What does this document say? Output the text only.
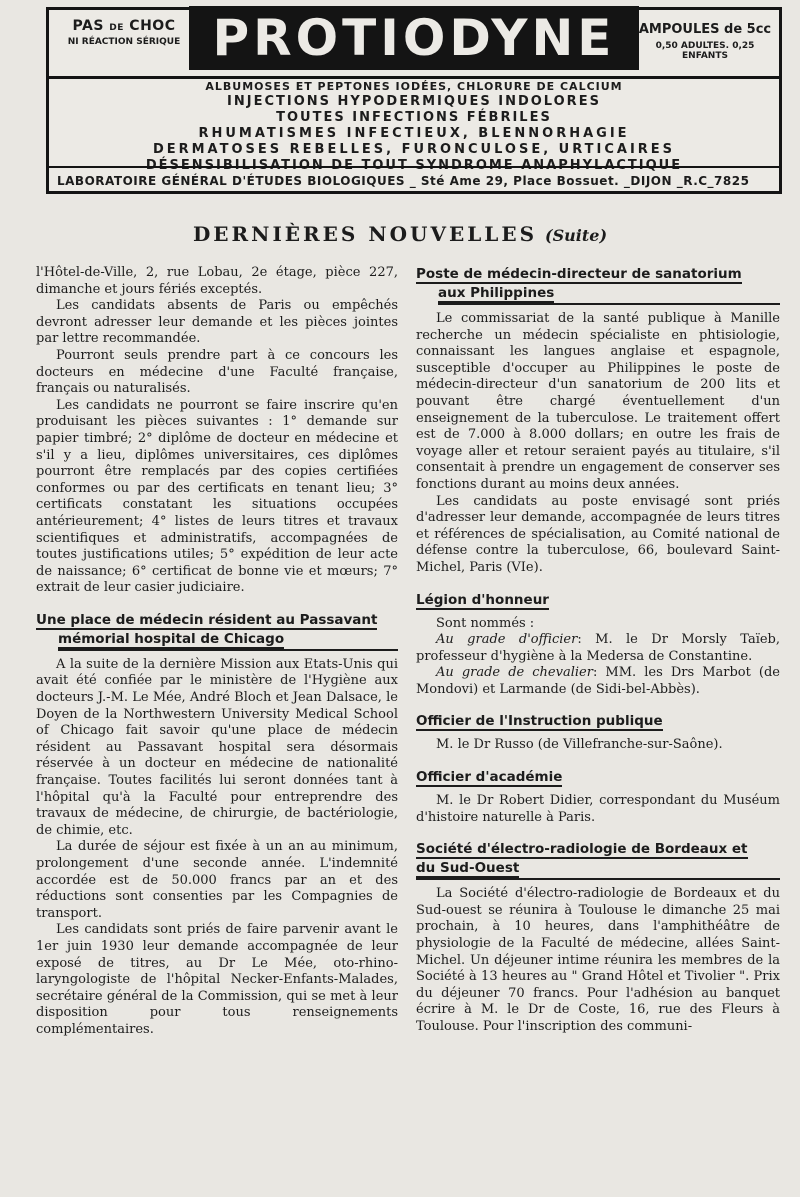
PAS DE CHOC
NI RÉACTION SÉRIQUE PROTIODYNE	AMPOULES de 5cc
0,50 ADULTES. 0,25 ENFANTS
ALBUMOSES ET PEPTONES IODÉES, CHLORURE DE CALCIUM
INJECTIONS HYPODERMIQUES INDOLORES
TOUTES INFECTIONS FÉBRILES
RHUMATISMES INFECTIEUX, BLENNORHAGIE
DERMATOSES REBELLES, FURONCULOSE, URTICAIRES
DÉSENSIBILISATION DE TOUT SYNDROME ANAPHYLACTIQUE
LABORATOIRE GÉNÉRAL D'ÉTUDES BIOLOGIQUES _ Sté Ame 29, Place Bossuet. _DIJON _R.C_7825
DERNIÈRES NOUVELLES (Suite)

l'Hôtel-de-Ville, 2, rue Lobau, 2e étage, pièce 227, dimanche et jours fériés exceptés.

Les candidats absents de Paris ou empêchés devront adresser leur demande et les pièces jointes par lettre recommandée.

Pourront seuls prendre part à ce concours les docteurs en médecine d'une Faculté française, français ou naturalisés.

Les candidats ne pourront se faire inscrire qu'en produisant les pièces suivantes : 1° demande sur papier timbré; 2° diplôme de docteur en médecine et s'il y a lieu, diplômes universitaires, ces diplômes pourront être remplacés par des copies certifiées conformes ou par des certificats en tenant lieu; 3° certificats constatant les situations occupées antérieurement; 4° listes de leurs titres et travaux scientifiques et administratifs, accompagnées de toutes justifications utiles; 5° expédition de leur acte de naissance; 6° certificat de bonne vie et mœurs; 7° extrait de leur casier judiciaire.

Une place de médecin résident au Passavant
mémorial hospital de Chicago

A la suite de la dernière Mission aux Etats-Unis qui avait été confiée par le ministère de l'Hygiène aux docteurs J.-M. Le Mée, André Bloch et Jean Dalsace, le Doyen de la Northwestern University Medical School of Chicago fait savoir qu'une place de médecin résident au Passavant hospital sera désormais réservée à un docteur en médecine de nationalité française. Toutes facilités lui seront données tant à l'hôpital qu'à la Faculté pour entreprendre des travaux de médecine, de chirurgie, de bactériologie, de chimie, etc.

La durée de séjour est fixée à un an au minimum, prolongement d'une seconde année. L'indemnité accordée est de 50.000 francs par an et des réductions sont consenties par les Compagnies de transport.

Les candidats sont priés de faire parvenir avant le 1er juin 1930 leur demande accompagnée de leur exposé de titres, au Dr Le Mée, oto-rhino-laryngologiste de l'hôpital Necker-Enfants-Malades, secrétaire général de la Commission, qui se met à leur disposition pour tous renseignements complémentaires.

Poste de médecin-directeur de sanatorium
aux Philippines

Le commissariat de la santé publique à Manille recherche un médecin spécialiste en phtisiologie, connaissant les langues anglaise et espagnole, susceptible d'occuper au Philippines le poste de médecin-directeur d'un sanatorium de 200 lits et pouvant être chargé éventuellement d'un enseignement de la tuberculose. Le traitement offert est de 7.000 à 8.000 dollars; en outre les frais de voyage aller et retour seraient payés au titulaire, s'il consentait à prendre un engagement de conserver ses fonctions durant au moins deux années.

Les candidats au poste envisagé sont priés d'adresser leur demande, accompagnée de leurs titres et références de spécialisation, au Comité national de défense contre la tuberculose, 66, boulevard Saint-Michel, Paris (VIe).

Légion d'honneur

Sont nommés :

Au grade d'officier: M. le Dr Morsly Taïeb, professeur d'hygiène à la Medersa de Constantine.

Au grade de chevalier: MM. les Drs Marbot (de Mondovi) et Larmande (de Sidi-bel-Abbès).

Officier de l'Instruction publique

M. le Dr Russo (de Villefranche-sur-Saône).

Officier d'académie

M. le Dr Robert Didier, correspondant du Muséum d'histoire naturelle à Paris.

Société d'électro-radiologie de Bordeaux et
du Sud-Ouest

La Société d'électro-radiologie de Bordeaux et du Sud-ouest se réunira à Toulouse le dimanche 25 mai prochain, à 10 heures, dans l'amphithéâtre de physiologie de la Faculté de médecine, allées Saint-Michel. Un déjeuner intime réunira les membres de la Société à 13 heures au " Grand Hôtel et Tivolier ". Prix du déjeuner 70 francs. Pour l'adhésion au banquet écrire à M. le Dr de Coste, 16, rue des Fleurs à Toulouse. Pour l'inscription des communi-
